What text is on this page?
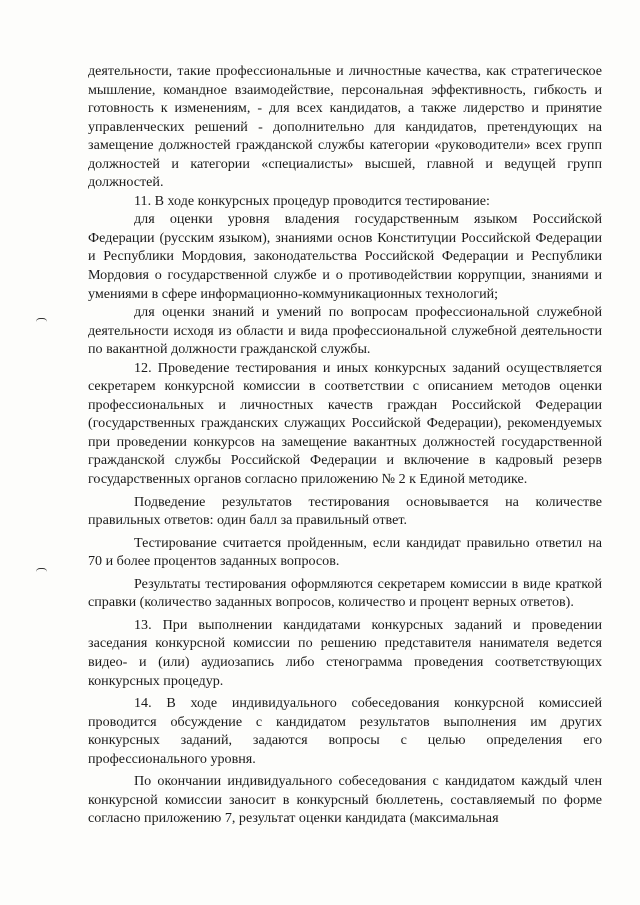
деятельности, такие профессиональные и личностные качества, как стратегическое мышление, командное взаимодействие, персональная эффективность, гибкость и готовность к изменениям, - для всех кандидатов, а также лидерство и принятие управленческих решений - дополнительно для кандидатов, претендующих на замещение должностей гражданской службы категории «руководители» всех групп должностей и категории «специалисты» высшей, главной и ведущей групп должностей.

11. В ходе конкурсных процедур проводится тестирование:

для оценки уровня владения государственным языком Российской Федерации (русским языком), знаниями основ Конституции Российской Федерации и Республики Мордовия, законодательства Российской Федерации и Республики Мордовия о государственной службе и о противодействии коррупции, знаниями и умениями в сфере информационно-коммуникационных технологий;

для оценки знаний и умений по вопросам профессиональной служебной деятельности исходя из области и вида профессиональной служебной деятельности по вакантной должности гражданской службы.

12. Проведение тестирования и иных конкурсных заданий осуществляется секретарем конкурсной комиссии в соответствии с описанием методов оценки профессиональных и личностных качеств граждан Российской Федерации (государственных гражданских служащих Российской Федерации), рекомендуемых при проведении конкурсов на замещение вакантных должностей государственной гражданской службы Российской Федерации и включение в кадровый резерв государственных органов согласно приложению № 2 к Единой методике.

Подведение результатов тестирования основывается на количестве правильных ответов: один балл за правильный ответ.

Тестирование считается пройденным, если кандидат правильно ответил на 70 и более процентов заданных вопросов.

Результаты тестирования оформляются секретарем комиссии в виде краткой справки (количество заданных вопросов, количество и процент верных ответов).

13. При выполнении кандидатами конкурсных заданий и проведении заседания конкурсной комиссии по решению представителя нанимателя ведется видео- и (или) аудиозапись либо стенограмма проведения соответствующих конкурсных процедур.

14. В ходе индивидуального собеседования конкурсной комиссией проводится обсуждение с кандидатом результатов выполнения им других конкурсных заданий, задаются вопросы с целью определения его профессионального уровня.

По окончании индивидуального собеседования с кандидатом каждый член конкурсной комиссии заносит в конкурсный бюллетень, составляемый по форме согласно приложению 7, результат оценки кандидата (максимальная
